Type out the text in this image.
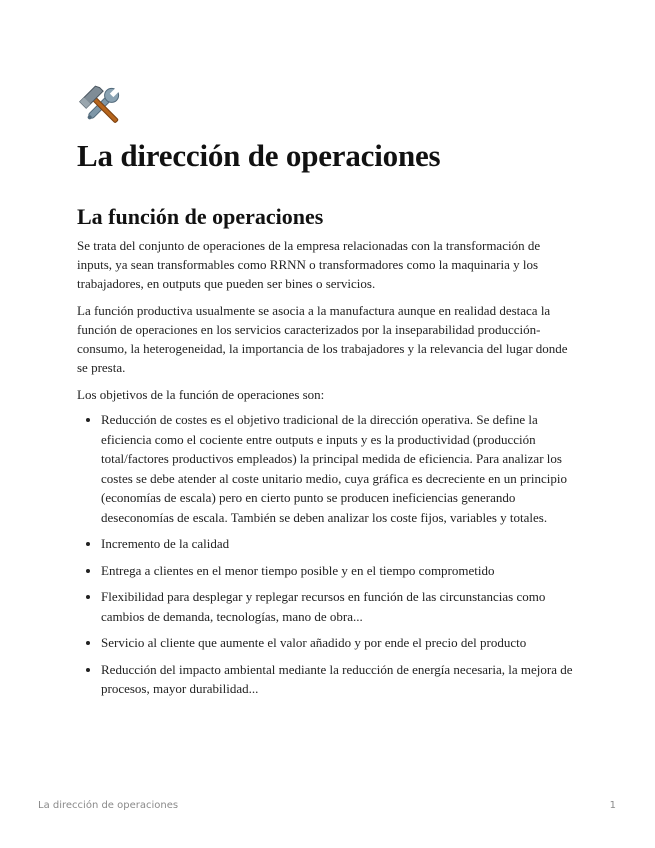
La dirección de operaciones
La función de operaciones

Se trata del conjunto de operaciones de la empresa relacionadas con la transformación de inputs, ya sean transformables como RRNN o transformadores como la maquinaria y los trabajadores, en outputs que pueden ser bines o servicios.

La función productiva usualmente se asocia a la manufactura aunque en realidad destaca la función de operaciones en los servicios caracterizados por la inseparabilidad producción-consumo, la heterogeneidad, la importancia de los trabajadores y la relevancia del lugar donde se presta.

Los objetivos de la función de operaciones son:

• Reducción de costes es el objetivo tradicional de la dirección operativa. Se define la eficiencia como el cociente entre outputs e inputs y es la productividad (producción total/factores productivos empleados) la principal medida de eficiencia. Para analizar los costes se debe atender al coste unitario medio, cuya gráfica es decreciente en un principio (economías de escala) pero en cierto punto se producen ineficiencias generando deseconomías de escala. También se deben analizar los coste fijos, variables y totales.
• Incremento de la calidad
• Entrega a clientes en el menor tiempo posible y en el tiempo comprometido
• Flexibilidad para desplegar y replegar recursos en función de las circunstancias como cambios de demanda, tecnologías, mano de obra...
• Servicio al cliente que aumente el valor añadido y por ende el precio del producto
• Reducción del impacto ambiental mediante la reducción de energía necesaria, la mejora de procesos, mayor durabilidad...
La dirección de operaciones	1
